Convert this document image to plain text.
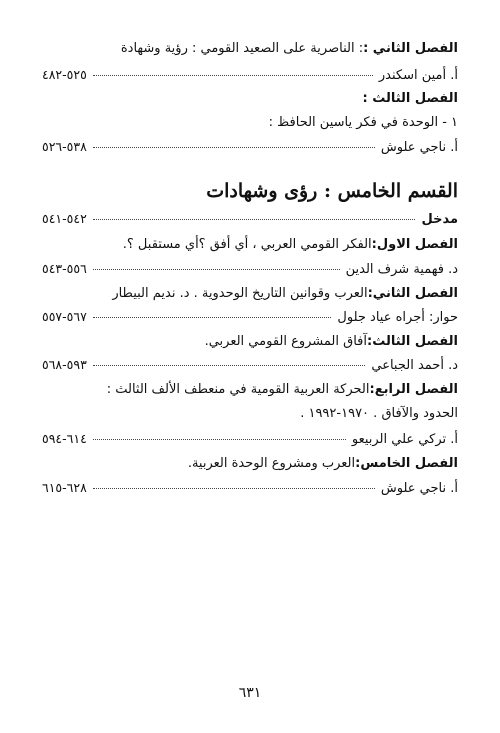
الفصل الثاني :
: الناصرية على الصعيد القومي : رؤية وشهادة
أ. أمين اسكندر
٥٢٥-٤٨٢
الفصل الثالث :
١ - الوحدة في فكر ياسين الحافظ :
أ. ناجي علوش
٥٣٨-٥٢٦
القسم الخامس : رؤى وشهادات
مدخل
٥٤٢-٥٤١
الفصل الاول:
الفكر القومي العربي ، أي أفق ؟أي مستقبل ؟.
د. فهمية شرف الدين
٥٥٦-٥٤٣
الفصل الثاني:
العرب وقوانين التاريخ الوحدوية . د. نديم البيطار
حوار: أجراه عياد جلول
٥٦٧-٥٥٧
الفصل الثالث:
آفاق المشروع القومي العربي.
د. أحمد الجباعي
٥٩٣-٥٦٨
الفصل الرابع:
الحركة العربية القومية في منعطف الألف الثالث :
الحدود والآفاق . ١٩٧٠-١٩٩٢ .
أ. تركي علي الربيعو
٦١٤-٥٩٤
الفصل الخامس:
العرب ومشروع الوحدة العربية.
أ. ناجي علوش
٦٢٨-٦١٥
٦٣١
